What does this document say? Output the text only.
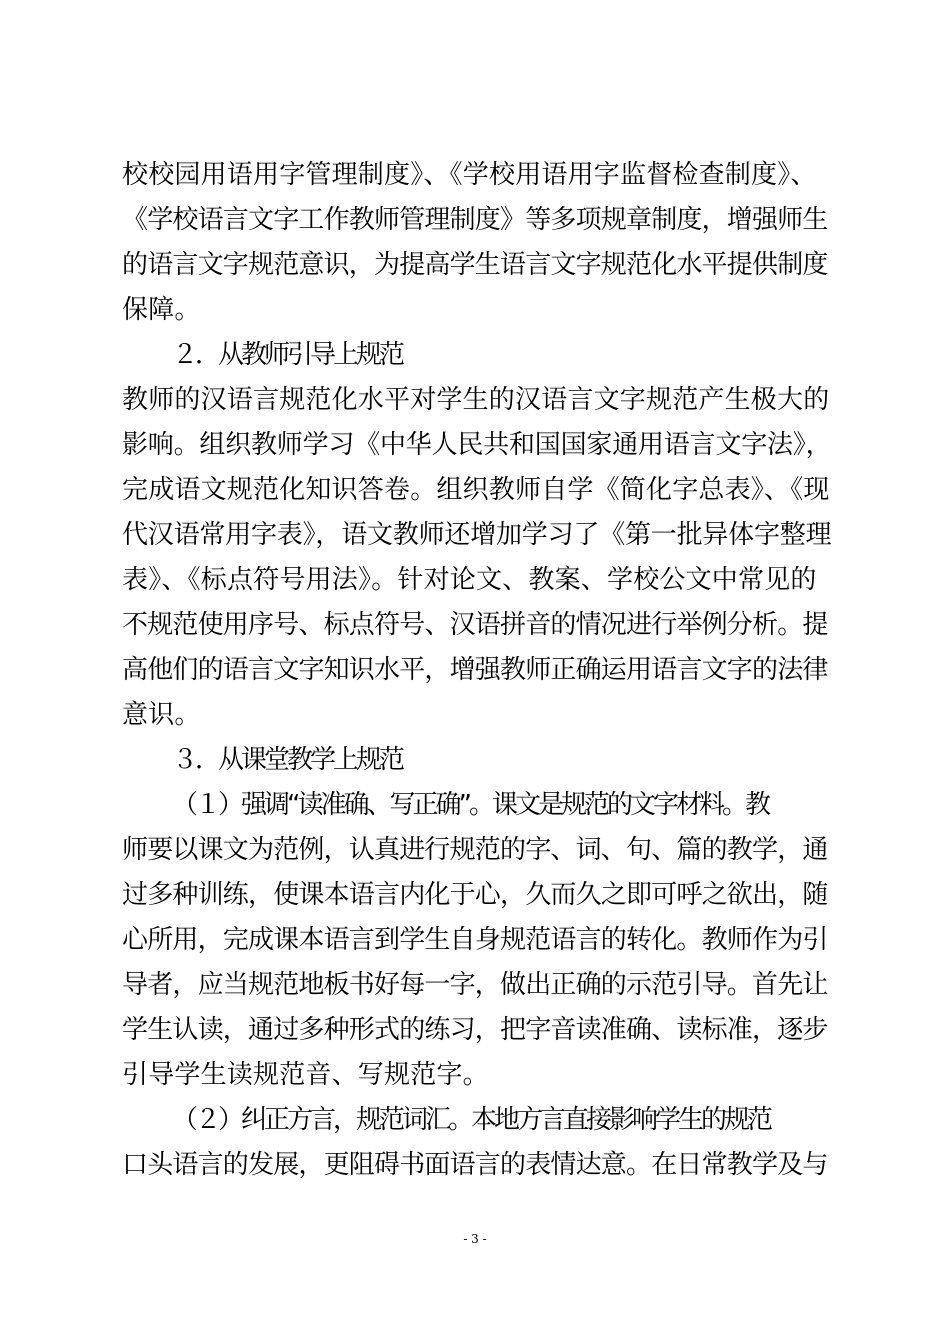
校校园用语用字管理制度》、《学校用语用字监督检查制度》、
《学校语言文字工作教师管理制度》等多项规章制度，增强师生
的语言文字规范意识，为提高学生语言文字规范化水平提供制度
保障。
２．从教师引导上规范
教师的汉语言规范化水平对学生的汉语言文字规范产生极大的
影响。组织教师学习《中华人民共和国国家通用语言文字法》，
完成语文规范化知识答卷。组织教师自学《简化字总表》、《现
代汉语常用字表》，语文教师还增加学习了《第一批异体字整理
表》、《标点符号用法》。针对论文、教案、学校公文中常见的
不规范使用序号、标点符号、汉语拼音的情况进行举例分析。提
高他们的语言文字知识水平，增强教师正确运用语言文字的法律
意识。
３．从课堂教学上规范
（１）强调“读准确、写正确”。课文是规范的文字材料。教
师要以课文为范例，认真进行规范的字、词、句、篇的教学，通
过多种训练，使课本语言内化于心，久而久之即可呼之欲出，随
心所用，完成课本语言到学生自身规范语言的转化。教师作为引
导者，应当规范地板书好每一字，做出正确的示范引导。首先让
学生认读，通过多种形式的练习，把字音读准确、读标准，逐步
引导学生读规范音、写规范字。
（２）纠正方言，规范词汇。本地方言直接影响学生的规范
口头语言的发展，更阻碍书面语言的表情达意。在日常教学及与
- 3 -
